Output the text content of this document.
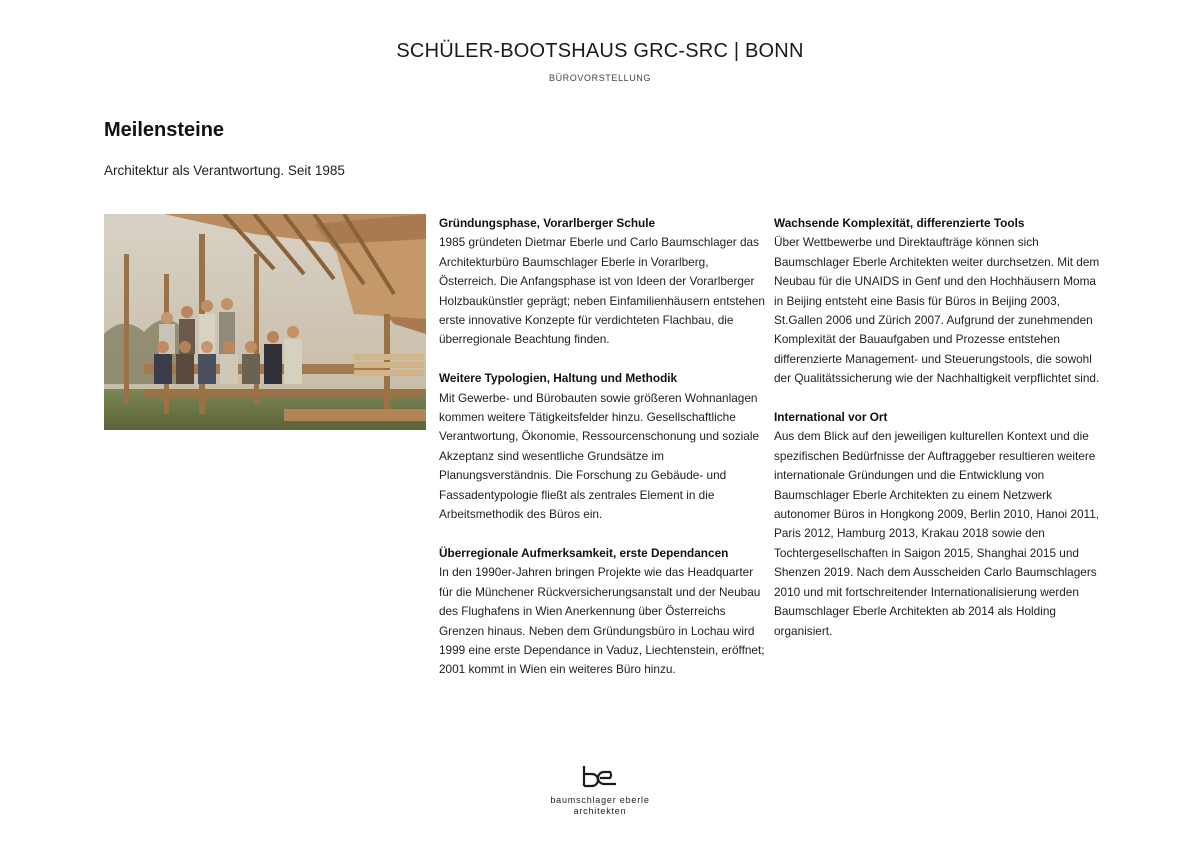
SCHÜLER-BOOTSHAUS GRC-SRC | BONN
BÜROVORSTELLUNG
Meilensteine
Architektur als Verantwortung. Seit 1985
Gründungsphase, Vorarlberger Schule

1985 gründeten Dietmar Eberle und Carlo Baumschlager das Architekturbüro Baumschlager Eberle in Vorarlberg, Österreich. Die Anfangsphase ist von Ideen der Vorarlberger Holzbaukünstler geprägt; neben Einfamilienhäusern entstehen erste innovative Konzepte für verdichteten Flachbau, die überregionale Beachtung finden.

Weitere Typologien, Haltung und Methodik

Mit Gewerbe- und Bürobauten sowie größeren Wohnanlagen kommen weitere Tätigkeitsfelder hinzu. Gesellschaftliche Verantwortung, Ökonomie, Ressourcenschonung und soziale Akzeptanz sind wesentliche Grundsätze im Planungsverständnis. Die Forschung zu Gebäude- und Fassadentypologie fließt als zentrales Element in die Arbeitsmethodik des Büros ein.

Überregionale Aufmerksamkeit, erste Dependancen

In den 1990er-Jahren bringen Projekte wie das Headquarter für die Münchener Rückversicherungsanstalt und der Neubau des Flughafens in Wien Anerkennung über Österreichs Grenzen hinaus. Neben dem Gründungsbüro in Lochau wird 1999 eine erste Dependance in Vaduz, Liechtenstein, eröffnet; 2001 kommt in Wien ein weiteres Büro hinzu.

Wachsende Komplexität, differenzierte Tools

Über Wettbewerbe und Direktaufträge können sich Baumschlager Eberle Architekten weiter durchsetzen. Mit dem Neubau für die UNAIDS in Genf und den Hochhäusern Moma in Beijing entsteht eine Basis für Büros in Beijing 2003, St.Gallen 2006 und Zürich 2007. Aufgrund der zunehmenden Komplexität der Bauaufgaben und Prozesse entstehen differenzierte Management- und Steuerungstools, die sowohl der Qualitätssicherung wie der Nachhaltigkeit verpflichtet sind.

International vor Ort

Aus dem Blick auf den jeweiligen kulturellen Kontext und die spezifischen Bedürfnisse der Auftraggeber resultieren weitere internationale Gründungen und die Entwicklung von Baumschlager Eberle Architekten zu einem Netzwerk autonomer Büros in Hongkong 2009, Berlin 2010, Hanoi 2011, Paris 2012, Hamburg 2013, Krakau 2018 sowie den Tochtergesellschaften in Saigon 2015, Shanghai 2015 und Shenzen 2019. Nach dem Ausscheiden Carlo Baumschlagers 2010 und mit fortschreitender Internationalisierung werden Baumschlager Eberle Architekten ab 2014 als Holding organisiert.

baumschlager eberle
architekten
